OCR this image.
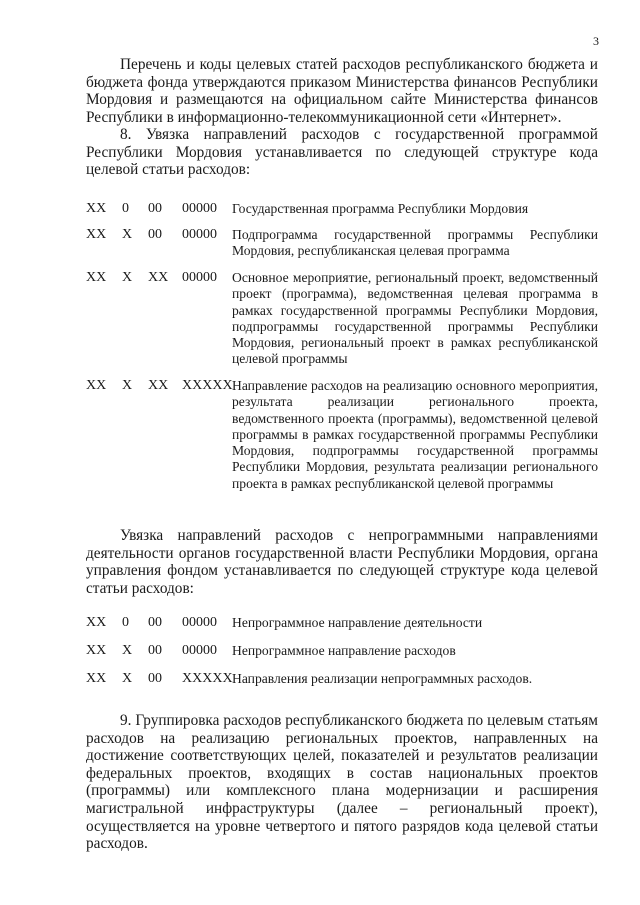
3

Перечень и коды целевых статей расходов республиканского бюджета и бюджета фонда утверждаются приказом Министерства финансов Республики Мордовия и размещаются на официальном сайте Министерства финансов Республики в информационно-телекоммуникационной сети «Интернет».

8. Увязка направлений расходов с государственной программой Республики Мордовия устанавливается по следующей структуре кода целевой статьи расходов:

XX 0 00 00000 Государственная программа Республики Мордовия
XX X 00 00000 Подпрограмма государственной программы Республики Мордовия, республиканская целевая программа
XX X XX 00000 Основное мероприятие, региональный проект, ведомственный проект (программа), ведомственная целевая программа в рамках государственной программы Республики Мордовия, подпрограммы государственной программы Республики Мордовия, региональный проект в рамках республиканской целевой программы
XX X XX XXXXX Направление расходов на реализацию основного мероприятия, результата реализации регионального проекта, ведомственного проекта (программы), ведомственной целевой программы в рамках государственной программы Республики Мордовия, подпрограммы государственной программы Республики Мордовия, результата реализации регионального проекта в рамках республиканской целевой программы

Увязка направлений расходов с непрограммными направлениями деятельности органов государственной власти Республики Мордовия, органа управления фондом устанавливается по следующей структуре кода целевой статьи расходов:

XX 0 00 00000 Непрограммное направление деятельности
XX X 00 00000 Непрограммное направление расходов
XX X 00 XXXXX Направления реализации непрограммных расходов.

9. Группировка расходов республиканского бюджета по целевым статьям расходов на реализацию региональных проектов, направленных на достижение соответствующих целей, показателей и результатов реализации федеральных проектов, входящих в состав национальных проектов (программы) или комплексного плана модернизации и расширения магистральной инфраструктуры (далее – региональный проект), осуществляется на уровне четвертого и пятого разрядов кода целевой статьи расходов.
